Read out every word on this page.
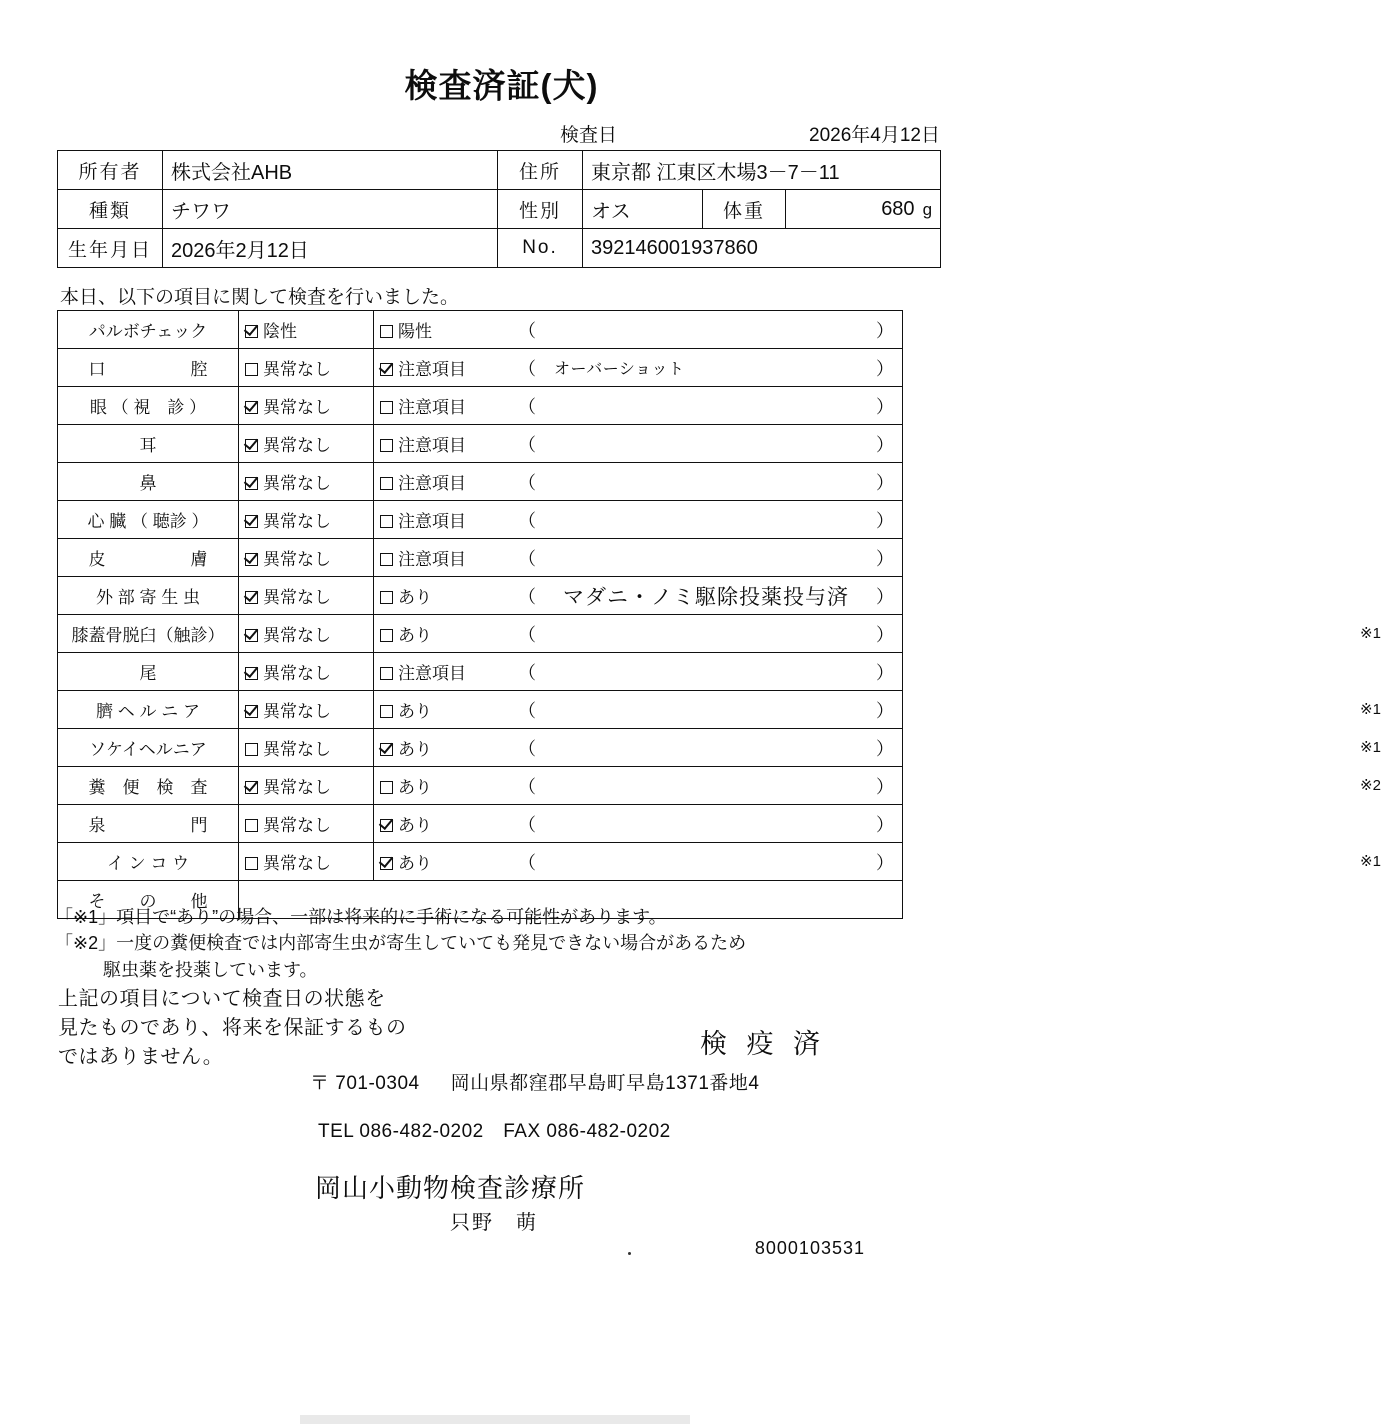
検査済証(犬)
検査日	2026年4月12日
所有者	株式会社AHB	住所	東京都 江東区木場3－7－11		
種類	チワワ	性別	オス	体重	680 g

生年月日	2026年2月12日	No.	392146001937860		
本日、以下の項目に関して検査を行いました。
パルボチェック	陰性	陽性	（ ）

口　　　　　腔	異常なし	注意項目	（ オーバーショット ）

眼 （ 視　診 ）	異常なし	注意項目	（ ）

耳	異常なし	注意項目	（ ）

鼻	異常なし	注意項目	（ ）

心 臓 （ 聴診 ）	異常なし	注意項目	（ ）

皮　　　　　膚	異常なし	注意項目	（ ）

外 部 寄 生 虫	異常なし	あり	（ マダニ・ノミ駆除投薬投与済 ）

膝蓋骨脱臼（触診）	異常なし	あり	（ ） ※1

尾	異常なし	注意項目	（ ）

臍 ヘ ル ニ ア	異常なし	あり	（ ） ※1

ソケイヘルニア	異常なし	あり	（ ） ※1

糞　便　検　査	異常なし	あり	（ ） ※2

泉　　　　　門	異常なし	あり	（ ）

イ ン コ ウ	異常なし	あり	（ ） ※1

そ　　の　　他			
「※1」項目で“あり”の場合、一部は将来的に手術になる可能性があります。
「※2」一度の糞便検査では内部寄生虫が寄生していても発見できない場合があるため
駆虫薬を投薬しています。
上記の項目について検査日の状態を
見たものであり、将来を保証するもの
ではありません。	検 疫 済
〒 701-0304 　 岡山県都窪郡早島町早島1371番地4
TEL 086-482-0202　FAX 086-482-0202
岡山小動物検査診療所
只野　萌
8000103531
